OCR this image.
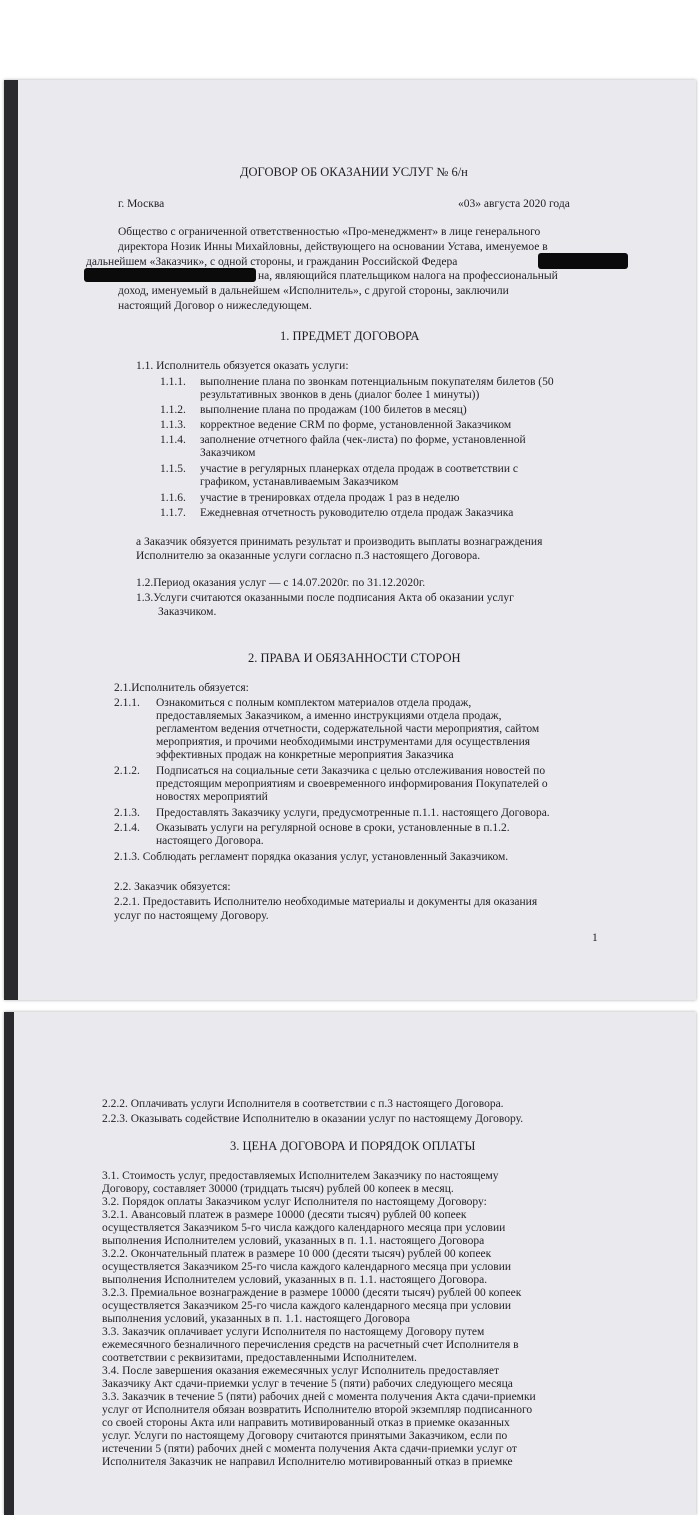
ДОГОВОР ОБ ОКАЗАНИИ УСЛУГ № 6/н
г. Москва	«03» августа 2020 года
Общество с ограниченной ответственностью «Про-менеджмент» в лице генерального
директора Нозик Инны Михайловны, действующего на основании Устава, именуемое в
дальнейшем «Заказчик», с одной стороны, и гражданин Российской Федера
на, являющийся плательщиком налога на профессиональный
доход, именуемый в дальнейшем «Исполнитель», с другой стороны, заключили
настоящий Договор о нижеследующем.
1. ПРЕДМЕТ ДОГОВОРА
1.1. Исполнитель обязуется оказать услуги:
1.1.1. выполнение плана по звонкам потенциальным покупателям билетов (50
результативных звонков в день (диалог более 1 минуты))
1.1.2. выполнение плана по продажам (100 билетов в месяц)
1.1.3. корректное ведение CRM по форме, установленной Заказчиком
1.1.4. заполнение отчетного файла (чек-листа) по форме, установленной
Заказчиком
1.1.5. участие в регулярных планерках отдела продаж в соответствии с
графиком, устанавливаемым Заказчиком
1.1.6. участие в тренировках отдела продаж 1 раз в неделю
1.1.7. Ежедневная отчетность руководителю отдела продаж Заказчика
а Заказчик обязуется принимать результат и производить выплаты вознаграждения
Исполнителю за оказанные услуги согласно п.3 настоящего Договора.
1.2.Период оказания услуг — с 14.07.2020г. по 31.12.2020г.
1.3.Услуги считаются оказанными после подписания Акта об оказании услуг
Заказчиком.
2. ПРАВА И ОБЯЗАННОСТИ СТОРОН
2.1.Исполнитель обязуется:
2.1.1. Ознакомиться с полным комплектом материалов отдела продаж,
предоставляемых Заказчиком, а именно инструкциями отдела продаж,
регламентом ведения отчетности, содержательной части мероприятия, сайтом
мероприятия, и прочими необходимыми инструментами для осуществления
эффективных продаж на конкретные мероприятия Заказчика
2.1.2. Подписаться на социальные сети Заказчика с целью отслеживания новостей по
предстоящим мероприятиям и своевременного информирования Покупателей о
новостях мероприятий
2.1.3. Предоставлять Заказчику услуги, предусмотренные п.1.1. настоящего Договора.
2.1.4. Оказывать услуги на регулярной основе в сроки, установленные в п.1.2.
настоящего Договора.
2.1.3. Соблюдать регламент порядка оказания услуг, установленный Заказчиком.
2.2. Заказчик обязуется:
2.2.1. Предоставить Исполнителю необходимые материалы и документы для оказания
услуг по настоящему Договору.
1
2.2.2. Оплачивать услуги Исполнителя в соответствии с п.3 настоящего Договора.
2.2.3. Оказывать содействие Исполнителю в оказании услуг по настоящему Договору.
3. ЦЕНА ДОГОВОРА И ПОРЯДОК ОПЛАТЫ
3.1. Стоимость услуг, предоставляемых Исполнителем Заказчику по настоящему
Договору, составляет 30000 (тридцать тысяч) рублей 00 копеек в месяц.
3.2. Порядок оплаты Заказчиком услуг Исполнителя по настоящему Договору:
3.2.1. Авансовый платеж в размере 10000 (десяти тысяч) рублей 00 копеек
осуществляется Заказчиком 5-го числа каждого календарного месяца при условии
выполнения Исполнителем условий, указанных в п. 1.1. настоящего Договора
3.2.2. Окончательный платеж в размере 10 000 (десяти тысяч) рублей 00 копеек
осуществляется Заказчиком 25-го числа каждого календарного месяца при условии
выполнения Исполнителем условий, указанных в п. 1.1. настоящего Договора.
3.2.3. Премиальное вознаграждение в размере 10000 (десяти тысяч) рублей 00 копеек
осуществляется Заказчиком 25-го числа каждого календарного месяца при условии
выполнения условий, указанных в п. 1.1. настоящего Договора
3.3. Заказчик оплачивает услуги Исполнителя по настоящему Договору путем
ежемесячного безналичного перечисления средств на расчетный счет Исполнителя в
соответствии с реквизитами, предоставленными Исполнителем.
3.4. После завершения оказания ежемесячных услуг Исполнитель предоставляет
Заказчику Акт сдачи-приемки услуг в течение 5 (пяти) рабочих следующего месяца
3.3. Заказчик в течение 5 (пяти) рабочих дней с момента получения Акта сдачи-приемки
услуг от Исполнителя обязан возвратить Исполнителю второй экземпляр подписанного
со своей стороны Акта или направить мотивированный отказ в приемке оказанных
услуг. Услуги по настоящему Договору считаются принятыми Заказчиком, если по
истечении 5 (пяти) рабочих дней с момента получения Акта сдачи-приемки услуг от
Исполнителя Заказчик не направил Исполнителю мотивированный отказ в приемке
